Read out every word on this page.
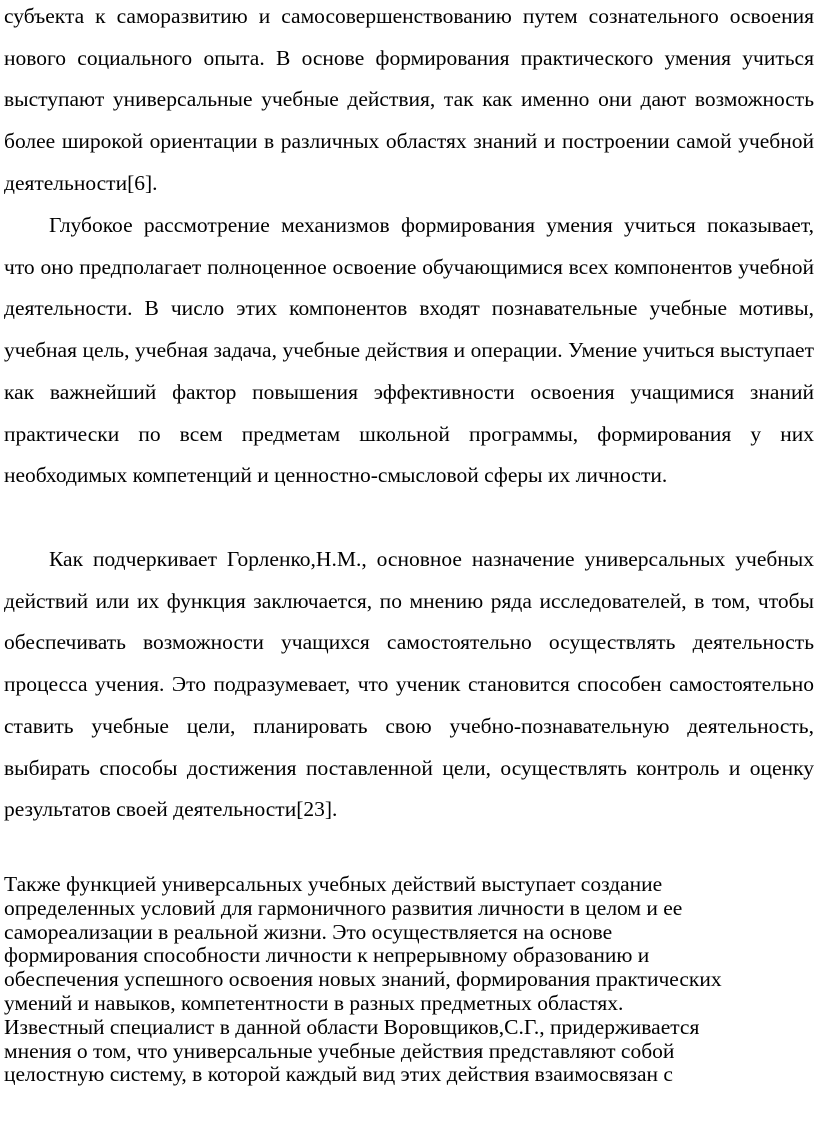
субъекта к саморазвитию и самосовершенствованию путем сознательного освоения нового социального опыта. В основе формирования практического умения учиться выступают универсальные учебные действия, так как именно они дают возможность более широкой ориентации в различных областях знаний и построении самой учебной деятельности[6].

Глубокое рассмотрение механизмов формирования умения учиться показывает, что оно предполагает полноценное освоение обучающимися всех компонентов учебной деятельности. В число этих компонентов входят познавательные учебные мотивы, учебная цель, учебная задача, учебные действия и операции. Умение учиться выступает как важнейший фактор повышения эффективности освоения учащимися знаний практически по всем предметам школьной программы, формирования у них необходимых компетенций и ценностно-смысловой сферы их личности.

Как подчеркивает Горленко,Н.М., основное назначение универсальных учебных действий или их функция заключается, по мнению ряда исследователей, в том, чтобы обеспечивать возможности учащихся самостоятельно осуществлять деятельность процесса учения. Это подразумевает, что ученик становится способен самостоятельно ставить учебные цели, планировать свою учебно-познавательную деятельность, выбирать способы достижения поставленной цели, осуществлять контроль и оценку результатов своей деятельности[23].

Также функцией универсальных учебных действий выступает создание
определенных условий для гармоничного развития личности в целом и ее
самореализации в реальной жизни. Это осуществляется на основе
формирования способности личности к непрерывному образованию и
обеспечения успешного освоения новых знаний, формирования практических
умений и навыков, компетентности в разных предметных областях.
Известный специалист в данной области Воровщиков,С.Г., придерживается
мнения о том, что универсальные учебные действия представляют собой
целостную систему, в которой каждый вид этих действия взаимосвязан с
